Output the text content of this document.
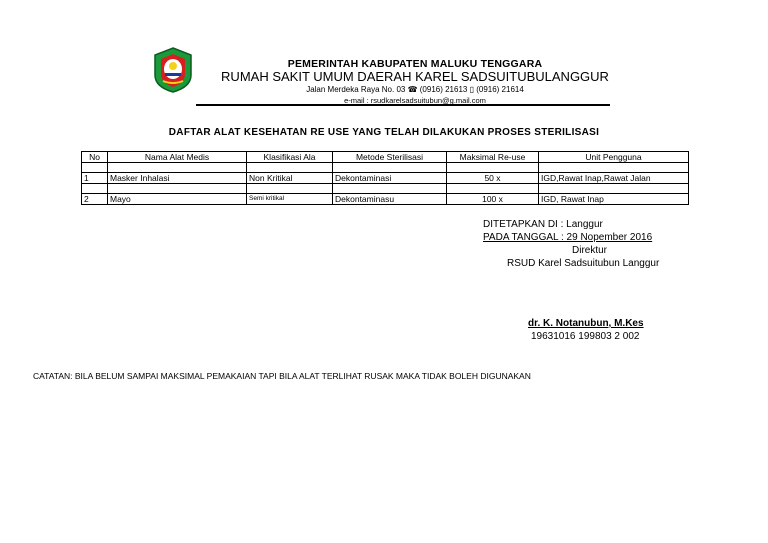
PEMERINTAH KABUPATEN MALUKU TENGGARA
RUMAH SAKIT UMUM DAERAH KAREL SADSUITUBULANGGUR
Jalan Merdeka Raya No. 03 ☎ (0916) 21613 ▯ (0916) 21614
e-mail : rsudkarelsadsuitubun@g.mail.com
DAFTAR ALAT KESEHATAN RE USE YANG TELAH DILAKUKAN PROSES STERILISASI
No	Nama Alat Medis	Klasifikasi Ala	Metode Sterilisasi	Maksimal Re-use	Unit Pengguna

1	Masker Inhalasi	Non Kritikal	Dekontaminasi	50 x	IGD,Rawat Inap,Rawat Jalan

2	Mayo	Semi kritikal	Dekontaminasu	100 x	IGD, Rawat Inap
DITETAPKAN DI : Langgur
PADA TANGGAL : 29 Nopember 2016
Direktur
RSUD Karel Sadsuitubun Langgur
dr. K. Notanubun, M.Kes
19631016 199803 2 002
CATATAN: BILA BELUM SAMPAI MAKSIMAL PEMAKAIAN TAPI BILA ALAT TERLIHAT RUSAK MAKA TIDAK BOLEH DIGUNAKAN
